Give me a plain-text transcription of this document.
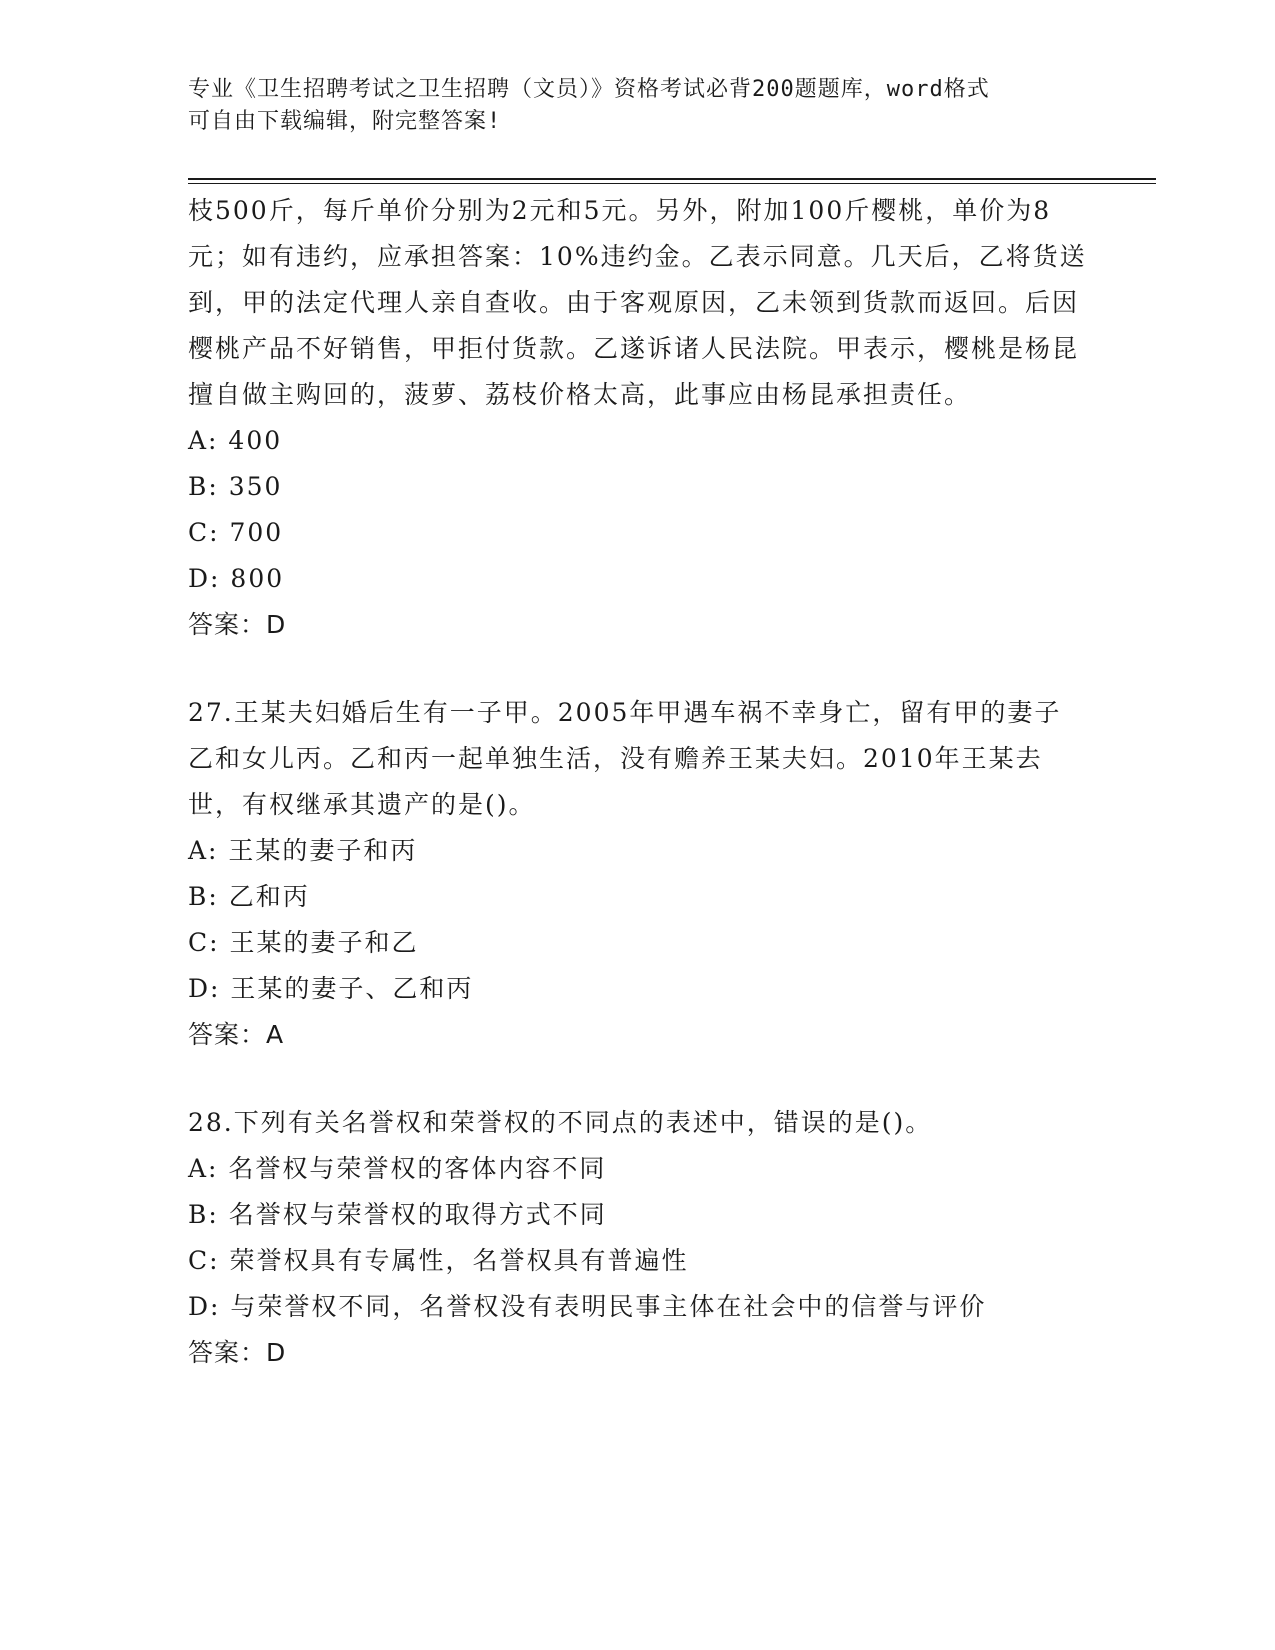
专业《卫生招聘考试之卫生招聘（文员）》资格考试必背200题题库，word格式
可自由下载编辑，附完整答案!
枝500斤，每斤单价分别为2元和5元。另外，附加100斤樱桃，单价为8元；如有违约，应承担答案：10%违约金。乙表示同意。几天后，乙将货送到，甲的法定代理人亲自查收。由于客观原因，乙未领到货款而返回。后因樱桃产品不好销售，甲拒付货款。乙遂诉诸人民法院。甲表示，樱桃是杨昆擅自做主购回的，菠萝、荔枝价格太高，此事应由杨昆承担责任。
A: 400
B: 350
C: 700
D: 800
答案：D
27.王某夫妇婚后生有一子甲。2005年甲遇车祸不幸身亡，留有甲的妻子乙和女儿丙。乙和丙一起单独生活，没有赡养王某夫妇。2010年王某去世，有权继承其遗产的是()。
A: 王某的妻子和丙
B: 乙和丙
C: 王某的妻子和乙
D: 王某的妻子、乙和丙
答案：A
28.下列有关名誉权和荣誉权的不同点的表述中，错误的是()。
A: 名誉权与荣誉权的客体内容不同
B: 名誉权与荣誉权的取得方式不同
C: 荣誉权具有专属性，名誉权具有普遍性
D: 与荣誉权不同，名誉权没有表明民事主体在社会中的信誉与评价
答案：D
